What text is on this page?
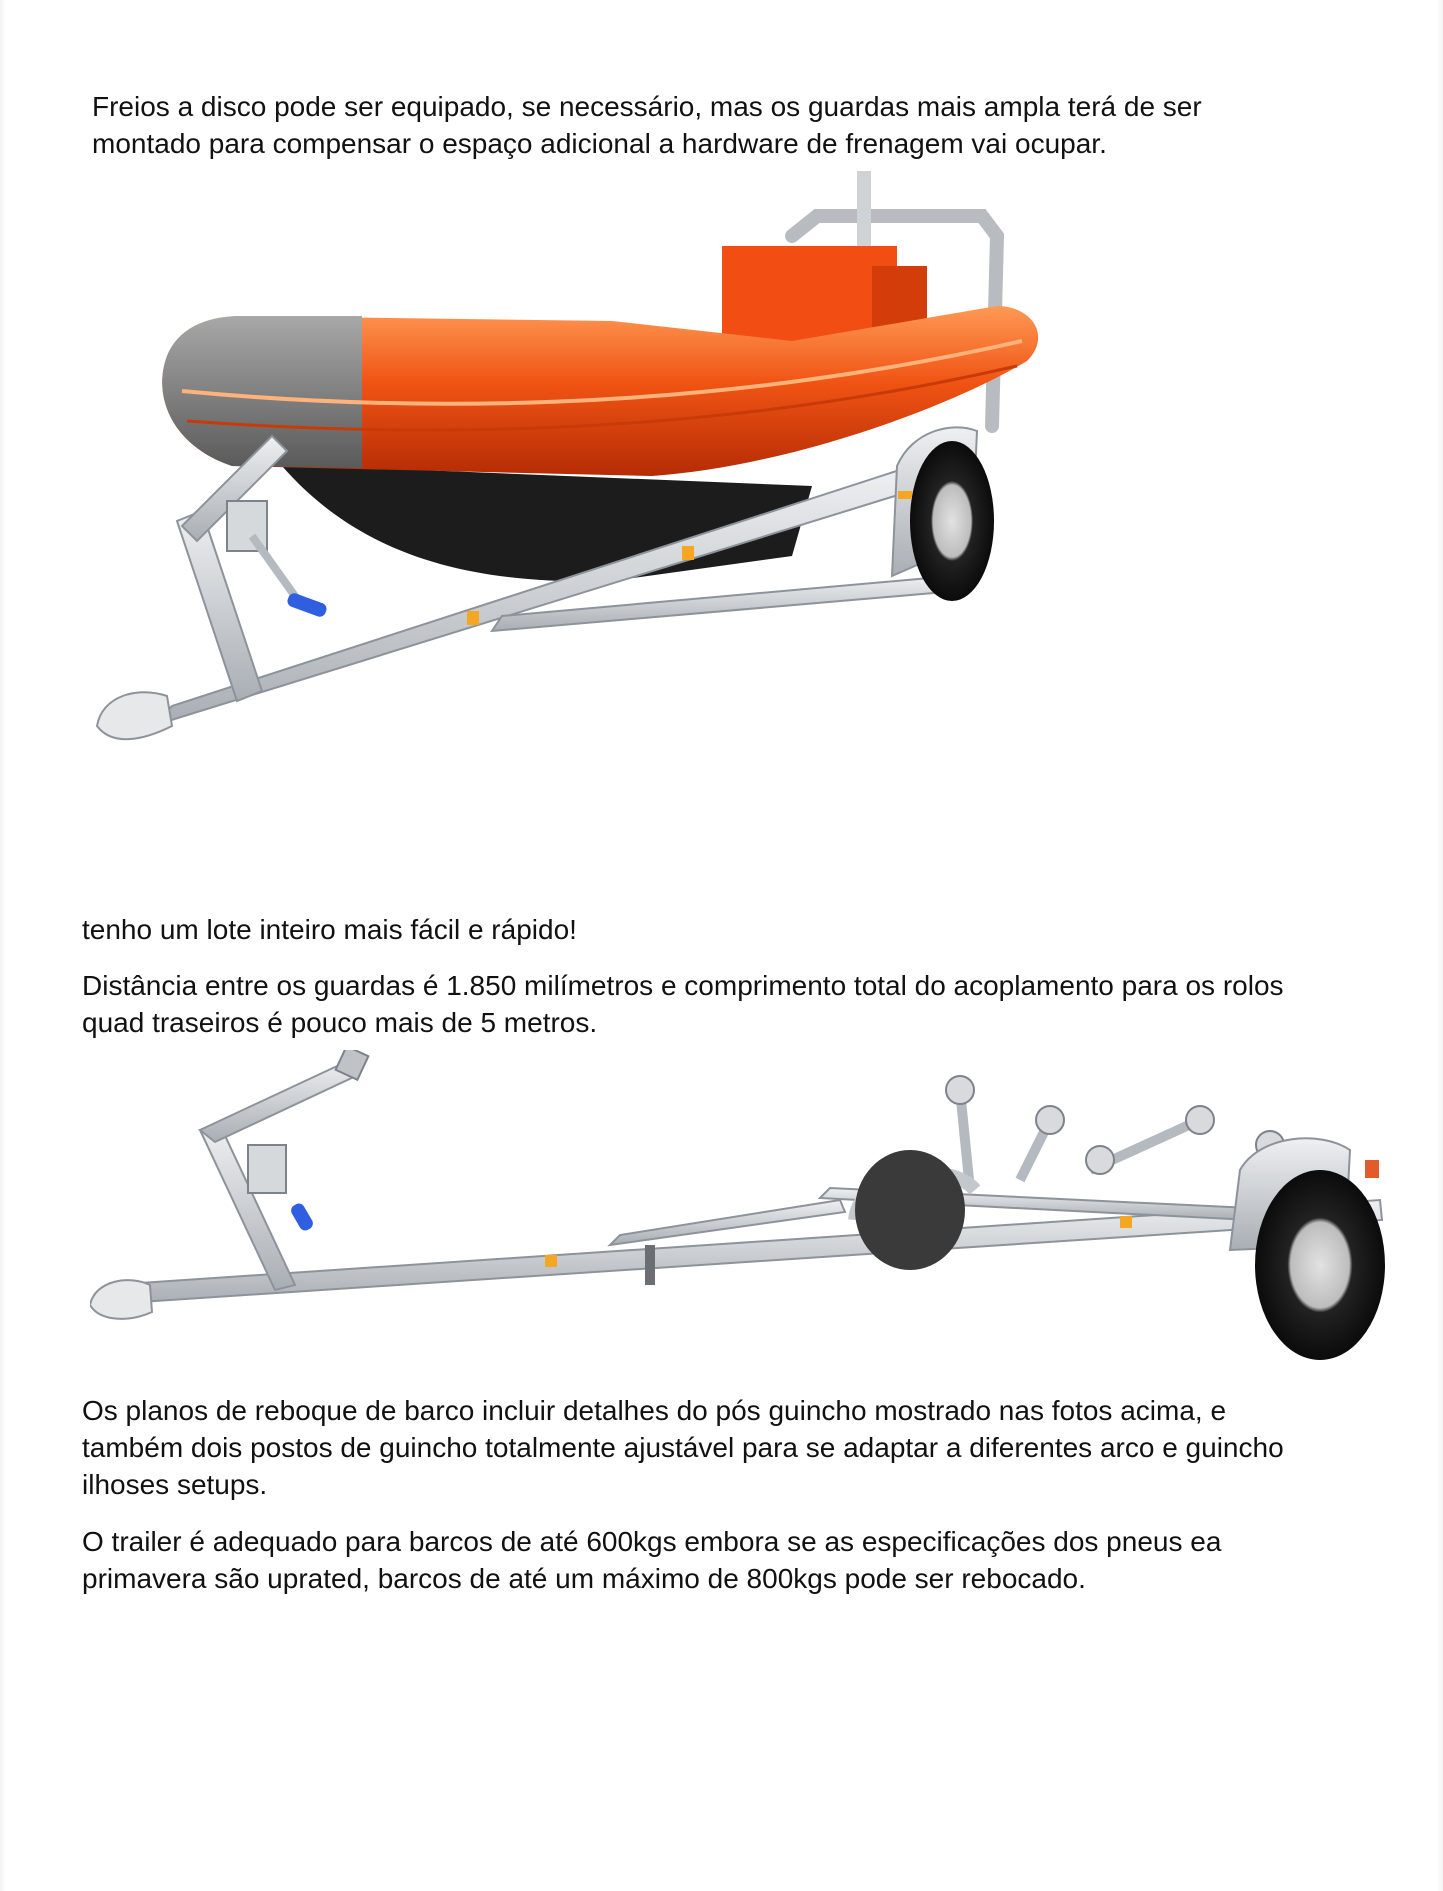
Freios a disco pode ser equipado, se necessário, mas os guardas mais ampla terá de ser
montado para compensar o espaço adicional a hardware de frenagem vai ocupar.

tenho um lote inteiro mais fácil e rápido!

Distância entre os guardas é 1.850 milímetros e comprimento total do acoplamento para os rolos
quad traseiros é pouco mais de 5 metros.

Os planos de reboque de barco incluir detalhes do pós guincho mostrado nas fotos acima, e
também dois postos de guincho totalmente ajustável para se adaptar a diferentes arco e guincho
ilhoses setups.

O trailer é adequado para barcos de até 600kgs embora se as especificações dos pneus ea
primavera são uprated, barcos de até um máximo de 800kgs pode ser rebocado.
